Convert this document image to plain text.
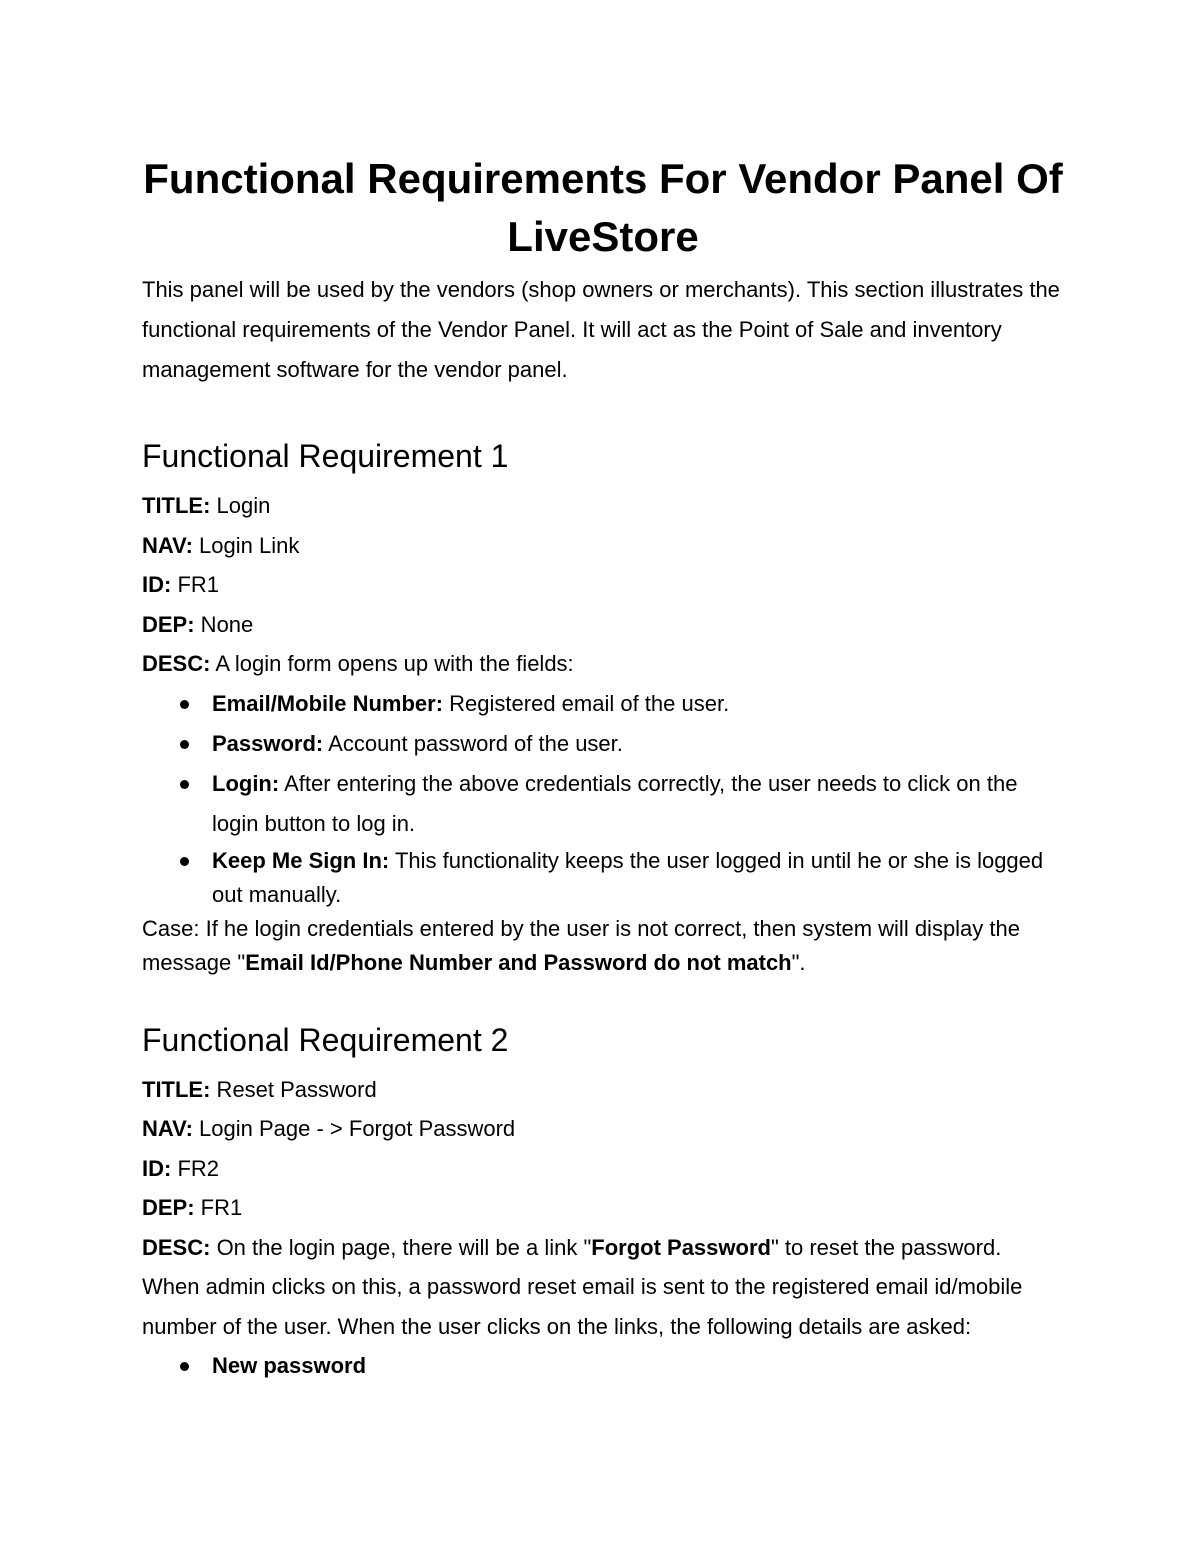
Functional Requirements For Vendor Panel Of LiveStore

This panel will be used by the vendors (shop owners or merchants). This section illustrates the functional requirements of the Vendor Panel. It will act as the Point of Sale and inventory management software for the vendor panel.

Functional Requirement 1

TITLE: Login

NAV: Login Link

ID: FR1

DEP: None

DESC: A login form opens up with the fields:

Email/Mobile Number: Registered email of the user.
Password: Account password of the user.
Login: After entering the above credentials correctly, the user needs to click on the login button to log in.
Keep Me Sign In: This functionality keeps the user logged in until he or she is logged out manually.

Case: If he login credentials entered by the user is not correct, then system will display the message "Email Id/Phone Number and Password do not match".

Functional Requirement 2

TITLE: Reset Password

NAV: Login Page - > Forgot Password

ID: FR2

DEP: FR1

DESC: On the login page, there will be a link "Forgot Password" to reset the password. When admin clicks on this, a password reset email is sent to the registered email id/mobile number of the user. When the user clicks on the links, the following details are asked:

New password
